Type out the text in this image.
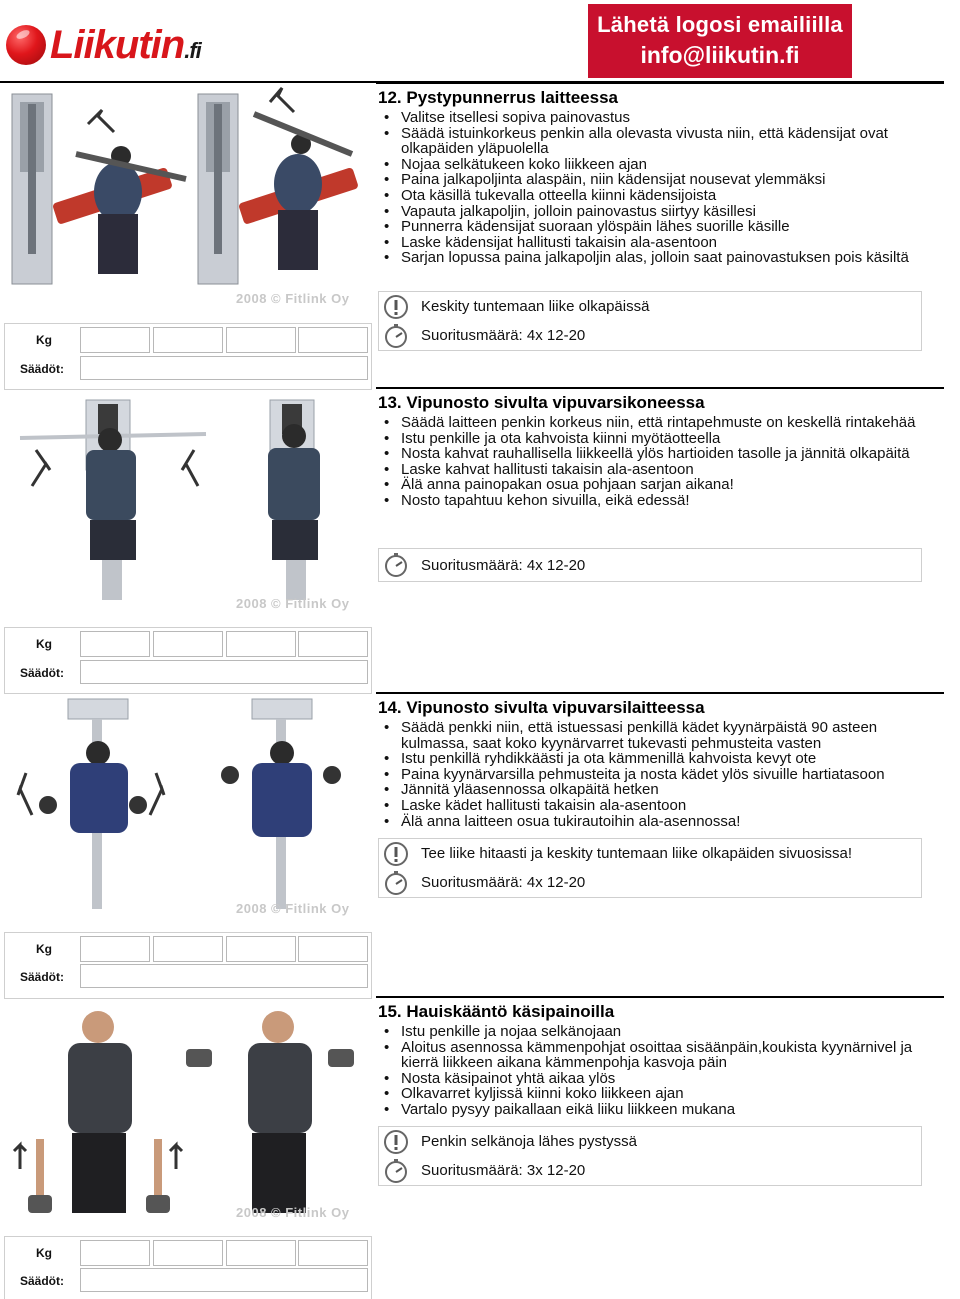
Liikutin.fi
Lähetä logosi emailiilla
info@liikutin.fi
2008 © Fitlink Oy
12. Pystypunnerrus laitteessa
• Valitse itsellesi sopiva painovastus
• Säädä istuinkorkeus penkin alla olevasta vivusta niin, että kädensijat ovat olkapäiden yläpuolella
• Nojaa selkätukeen koko liikkeen ajan
• Paina jalkapoljinta alaspäin, niin kädensijat nousevat ylemmäksi
• Ota käsillä tukevalla otteella kiinni kädensijoista
• Vapauta jalkapoljin, jolloin painovastus siirtyy käsillesi
• Punnerra kädensijat suoraan ylöspäin lähes suorille käsille
• Laske kädensijat hallitusti takaisin ala-asentoon
• Sarjan lopussa paina jalkapoljin alas, jolloin saat painovastuksen pois käsiltä
Keskity tuntemaan liike olkapäissä
Suoritusmäärä: 4x 12-20
Kg
Säädöt:
2008 © Fitlink Oy
13. Vipunosto sivulta vipuvarsikoneessa
• Säädä laitteen penkin korkeus niin, että rintapehmuste on keskellä rintakehää
• Istu penkille ja ota kahvoista kiinni myötäotteella
• Nosta kahvat rauhallisella liikkeellä ylös hartioiden tasolle ja jännitä olkapäitä
• Laske kahvat hallitusti takaisin ala-asentoon
• Älä anna painopakan osua pohjaan sarjan aikana!
• Nosto tapahtuu kehon sivuilla, eikä edessä!
Suoritusmäärä: 4x 12-20
Kg
Säädöt:
2008 © Fitlink Oy
14. Vipunosto sivulta vipuvarsilaitteessa
• Säädä penkki niin, että istuessasi penkillä kädet kyynärpäistä 90 asteen kulmassa, saat koko kyynärvarret tukevasti pehmusteita vasten
• Istu penkillä ryhdikkäästi ja ota kämmenillä kahvoista kevyt ote
• Paina kyynärvarsilla pehmusteita ja nosta kädet ylös sivuille hartiatasoon
• Jännitä yläasennossa olkapäitä hetken
• Laske kädet hallitusti takaisin ala-asentoon
• Älä anna laitteen osua tukirautoihin ala-asennossa!
Tee liike hitaasti ja keskity tuntemaan liike olkapäiden sivuosissa!
Suoritusmäärä: 4x 12-20
Kg
Säädöt:
2008 © Fitlink Oy
15. Hauiskääntö käsipainoilla
• Istu penkille ja nojaa selkänojaan
• Aloitus asennossa kämmenpohjat osoittaa sisäänpäin,koukista kyynärnivel ja kierrä liikkeen aikana kämmenpohja kasvoja päin
• Nosta käsipainot yhtä aikaa ylös
• Olkavarret kyljissä kiinni koko liikkeen ajan
• Vartalo pysyy paikallaan eikä liiku liikkeen mukana
Penkin selkänoja lähes pystyssä
Suoritusmäärä: 3x 12-20
Kg
Säädöt:
